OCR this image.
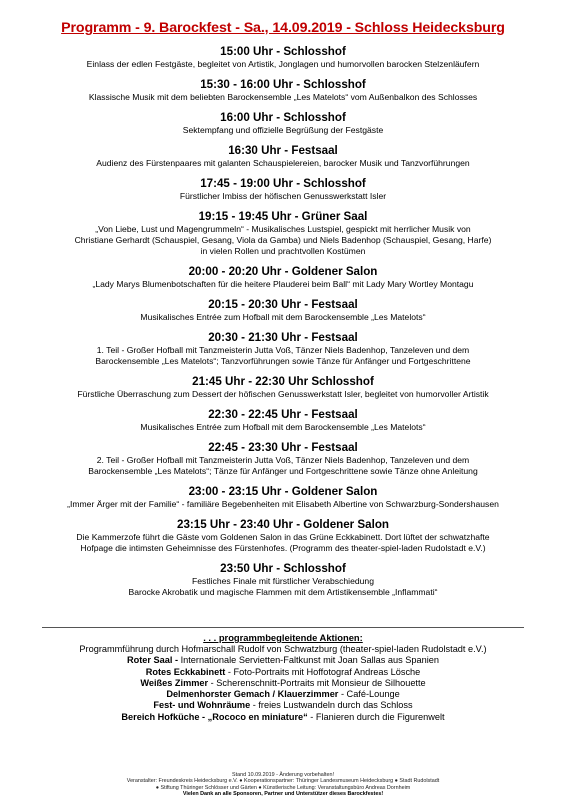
Programm - 9. Barockfest - Sa., 14.09.2019 - Schloss Heidecksburg
15:00 Uhr - Schlosshof
Einlass der edlen Festgäste, begleitet von Artistik, Jonglagen und humorvollen barocken Stelzenläufern
15:30 - 16:00 Uhr - Schlosshof
Klassische Musik mit dem beliebten Barockensemble „Les Matelots“ vom Außenbalkon des Schlosses
16:00 Uhr - Schlosshof
Sektempfang und offizielle Begrüßung der Festgäste
16:30 Uhr - Festsaal
Audienz des Fürstenpaares mit galanten Schauspielereien, barocker Musik und Tanzvorführungen
17:45 - 19:00 Uhr - Schlosshof
Fürstlicher Imbiss der höfischen Genusswerkstatt Isler
19:15 - 19:45 Uhr - Grüner Saal
„Von Liebe, Lust und Magengrummeln“ - Musikalisches Lustspiel, gespickt mit herrlicher Musik von
Christiane Gerhardt (Schauspiel, Gesang, Viola da Gamba) und Niels Badenhop (Schauspiel, Gesang, Harfe)
in vielen Rollen und prachtvollen Kostümen
20:00 - 20:20 Uhr - Goldener Salon
„Lady Marys Blumenbotschaften für die heitere Plauderei beim Ball“ mit Lady Mary Wortley Montagu
20:15 - 20:30 Uhr - Festsaal
Musikalisches Entrée zum Hofball mit dem Barockensemble „Les Matelots“
20:30 - 21:30 Uhr - Festsaal
1. Teil - Großer Hofball mit Tanzmeisterin Jutta Voß, Tänzer Niels Badenhop, Tanzeleven und dem
Barockensemble „Les Matelots“; Tanzvorführungen sowie Tänze für Anfänger und Fortgeschrittene
21:45 Uhr - 22:30 Uhr Schlosshof
Fürstliche Überraschung zum Dessert der höfischen Genusswerkstatt Isler, begleitet von humorvoller Artistik
22:30 - 22:45 Uhr - Festsaal
Musikalisches Entrée zum Hofball mit dem Barockensemble „Les Matelots“
22:45 - 23:30 Uhr - Festsaal
2. Teil - Großer Hofball mit Tanzmeisterin Jutta Voß, Tänzer Niels Badenhop, Tanzeleven und dem
Barockensemble „Les Matelots“; Tänze für Anfänger und Fortgeschrittene sowie Tänze ohne Anleitung
23:00 - 23:15 Uhr - Goldener Salon
„Immer Ärger mit der Familie“ - familiäre Begebenheiten mit Elisabeth Albertine von Schwarzburg-Sondershausen
23:15 Uhr - 23:40 Uhr - Goldener Salon
Die Kammerzofe führt die Gäste vom Goldenen Salon in das Grüne Eckkabinett. Dort lüftet der schwatzhafte
Hofpage die intimsten Geheimnisse des Fürstenhofes. (Programm des theater-spiel-laden Rudolstadt e.V.)
23:50 Uhr - Schlosshof
Festliches Finale mit fürstlicher Verabschiedung
Barocke Akrobatik und magische Flammen mit dem Artistikensemble „Inflammati“
. . . programmbegleitende Aktionen:
Programmführung durch Hofmarschall Rudolf von Schwatzburg (theater-spiel-laden Rudolstadt e.V.)
Roter Saal - Internationale Servietten-Faltkunst mit Joan Sallas aus Spanien
Rotes Eckkabinett - Foto-Portraits mit Hoffotograf Andreas Lösche
Weißes Zimmer - Scherenschnitt-Portraits mit Monsieur de Silhouette
Delmenhorster Gemach / Klauerzimmer - Café-Lounge
Fest- und Wohnräume - freies Lustwandeln durch das Schloss
Bereich Hofküche - „Rococo en miniature“ - Flanieren durch die Figurenwelt
Stand 10.09.2019 - Änderung vorbehalten!
Veranstalter: Freundeskreis Heidecksburg e.V. ● Kooperationspartner: Thüringer Landesmuseum Heidecksburg ● Stadt Rudolstadt
● Stiftung Thüringer Schlösser und Gärten ● Künstlerische Leitung: Veranstaltungsbüro Andreas Dornheim
Vielen Dank an alle Sponsoren, Partner und Unterstützer dieses Barockfestes!
